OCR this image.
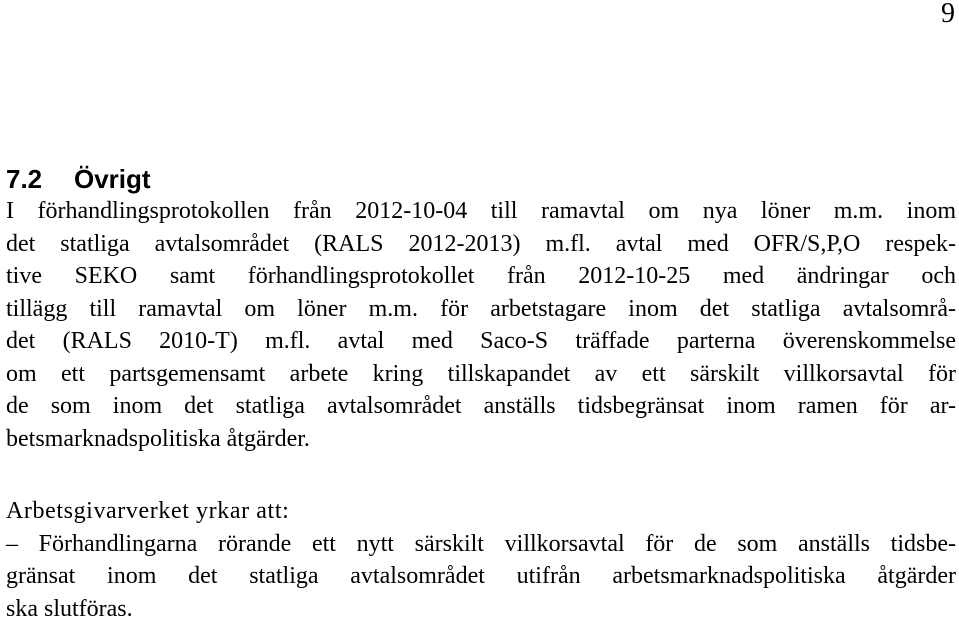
9
7.2 Övrigt
I förhandlingsprotokollen från 2012-10-04 till ramavtal om nya löner m.m. inom
det statliga avtalsområdet (RALS 2012-2013) m.fl. avtal med OFR/S,P,O respek-
tive SEKO samt förhandlingsprotokollet från 2012-10-25 med ändringar och
tillägg till ramavtal om löner m.m. för arbetstagare inom det statliga avtalsområ-
det (RALS 2010-T) m.fl. avtal med Saco-S träffade parterna överenskommelse
om ett partsgemensamt arbete kring tillskapandet av ett särskilt villkorsavtal för
de som inom det statliga avtalsområdet anställs tidsbegränsat inom ramen för ar-
betsmarknadspolitiska åtgärder.
Arbetsgivarverket yrkar att:
– Förhandlingarna rörande ett nytt särskilt villkorsavtal för de som anställs tidsbe-
gränsat inom det statliga avtalsområdet utifrån arbetsmarknadspolitiska åtgärder
ska slutföras.
